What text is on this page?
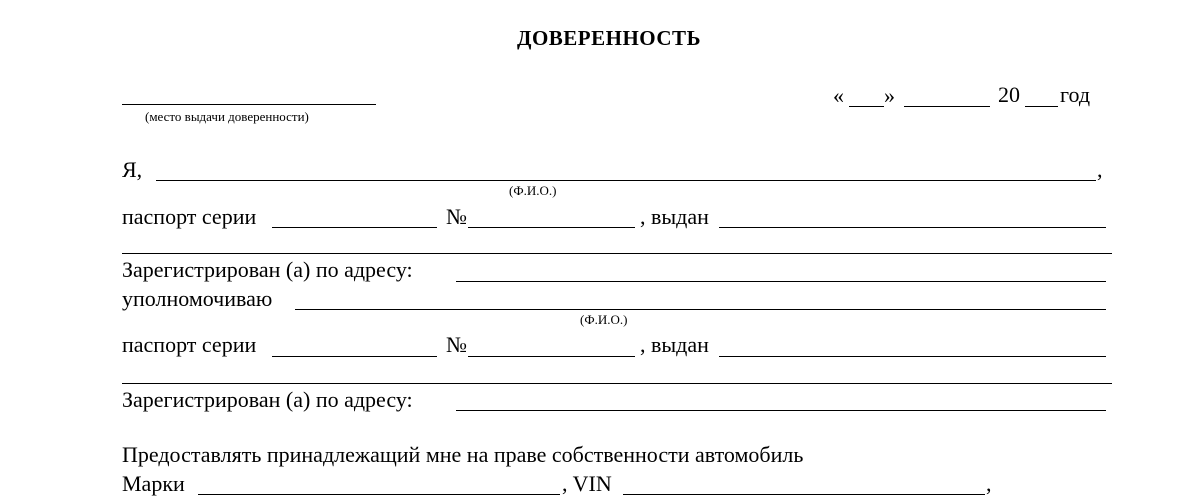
ДОВЕРЕННОСТЬ
(место выдачи доверенности)
« »	20 год
Я,	,
(Ф.И.О.)
паспорт серии	№	, выдан
Зарегистрирован (а) по адресу:
уполномочиваю
(Ф.И.О.)
паспорт серии	№	, выдан
Зарегистрирован (а) по адресу:
Предоставлять принадлежащий мне на праве собственности автомобиль
Марки	, VIN	,
